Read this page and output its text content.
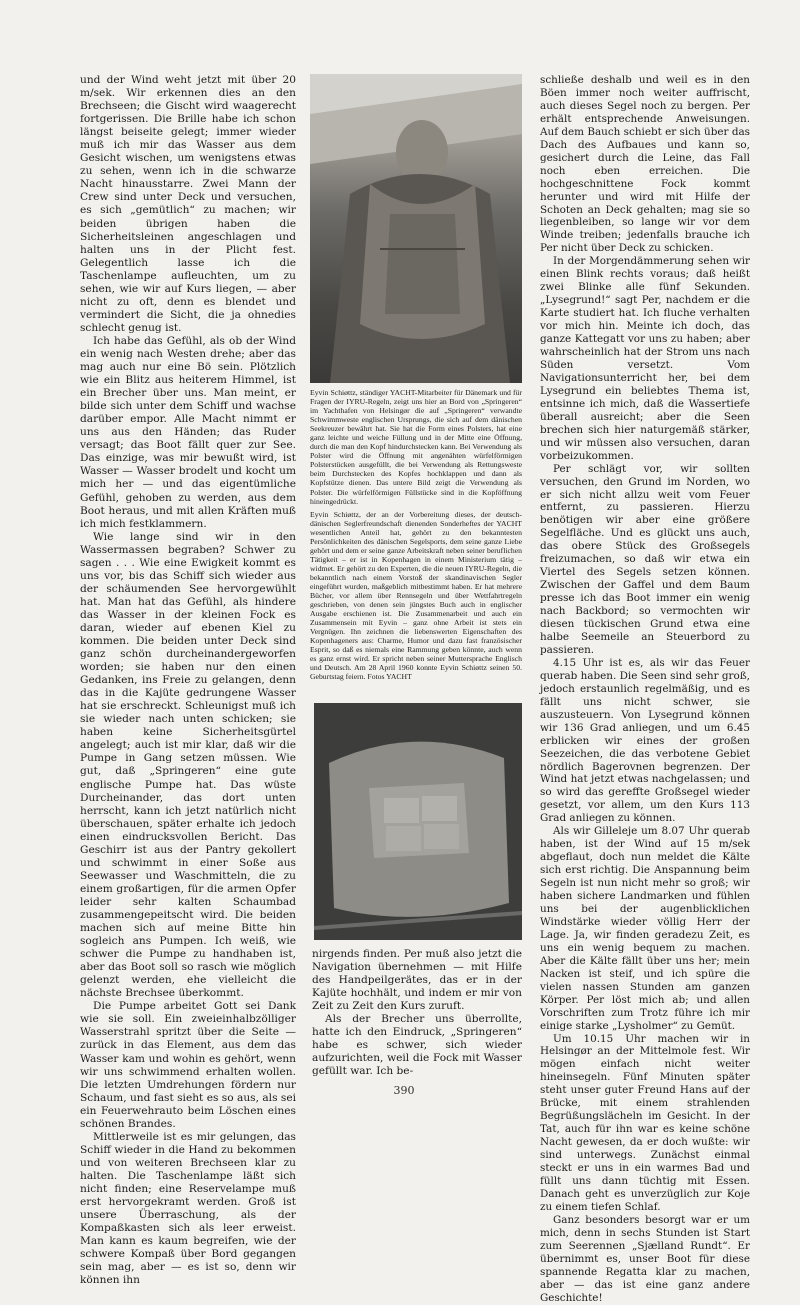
und der Wind weht jetzt mit über 20 m/sek. Wir erkennen dies an den Brechseen; die Gischt wird waagerecht fortgerissen. Die Brille habe ich schon längst beiseite gelegt; immer wieder muß ich mir das Wasser aus dem Gesicht wischen, um wenigstens etwas zu sehen, wenn ich in die schwarze Nacht hinausstarre. Zwei Mann der Crew sind unter Deck und versuchen, es sich „gemütlich“ zu machen; wir beiden übrigen haben die Sicherheitsleinen angeschlagen und halten uns in der Plicht fest. Gelegentlich lasse ich die Taschenlampe aufleuchten, um zu sehen, wie wir auf Kurs liegen, — aber nicht zu oft, denn es blendet und vermindert die Sicht, die ja ohnedies schlecht genug ist.

Ich habe das Gefühl, als ob der Wind ein wenig nach Westen drehe; aber das mag auch nur eine Bö sein. Plötzlich wie ein Blitz aus heiterem Himmel, ist ein Brecher über uns. Man meint, er bilde sich unter dem Schiff und wachse darüber empor. Alle Macht nimmt er uns aus den Händen; das Ruder versagt; das Boot fällt quer zur See. Das einzige, was mir bewußt wird, ist Wasser — Wasser brodelt und kocht um mich her — und das eigentümliche Gefühl, gehoben zu werden, aus dem Boot heraus, und mit allen Kräften muß ich mich festklammern.

Wie lange sind wir in den Wassermassen begraben? Schwer zu sagen . . . Wie eine Ewigkeit kommt es uns vor, bis das Schiff sich wieder aus der schäumenden See hervorgewühlt hat. Man hat das Gefühl, als hindere das Wasser in der kleinen Fock es daran, wieder auf ebenen Kiel zu kommen. Die beiden unter Deck sind ganz schön durcheinandergeworfen worden; sie haben nur den einen Gedanken, ins Freie zu gelangen, denn das in die Kajüte gedrungene Wasser hat sie erschreckt. Schleunigst muß ich sie wieder nach unten schicken; sie haben keine Sicherheitsgürtel angelegt; auch ist mir klar, daß wir die Pumpe in Gang setzen müssen. Wie gut, daß „Springeren“ eine gute englische Pumpe hat. Das wüste Durcheinander, das dort unten herrscht, kann ich jetzt natürlich nicht überschauen, später erhalte ich jedoch einen eindrucksvollen Bericht. Das Geschirr ist aus der Pantry gekollert und schwimmt in einer Soße aus Seewasser und Waschmitteln, die zu einem großartigen, für die armen Opfer leider sehr kalten Schaumbad zusammengepeitscht wird. Die beiden machen sich auf meine Bitte hin sogleich ans Pumpen. Ich weiß, wie schwer die Pumpe zu handhaben ist, aber das Boot soll so rasch wie möglich gelenzt werden, ehe vielleicht die nächste Brechsee überkommt.

Die Pumpe arbeitet Gott sei Dank wie sie soll. Ein zweieinhalbzölliger Wasserstrahl spritzt über die Seite — zurück in das Element, aus dem das Wasser kam und wohin es gehört, wenn wir uns schwimmend erhalten wollen. Die letzten Umdrehungen fördern nur Schaum, und fast sieht es so aus, als sei ein Feuerwehrauto beim Löschen eines schönen Brandes.

Mittlerweile ist es mir gelungen, das Schiff wieder in die Hand zu bekommen und von weiteren Brechseen klar zu halten. Die Taschenlampe läßt sich nicht finden; eine Reservelampe muß erst hervorgekramt werden. Groß ist unsere Überraschung, als der Kompaßkasten sich als leer erweist. Man kann es kaum begreifen, wie der schwere Kompaß über Bord gegangen sein mag, aber — es ist so, denn wir können ihn

Eyvin Schiøttz, ständiger YACHT-Mitarbeiter für Dänemark und für Fragen der IYRU-Regeln, zeigt uns hier an Bord von „Springeren“ im Yachthafen von Helsingør die auf „Springeren“ verwandte Schwimmweste englischen Ursprungs, die sich auf dem dänischen Seekreuzer bewährt hat. Sie hat die Form eines Polsters, hat eine ganz leichte und weiche Füllung und in der Mitte eine Öffnung, durch die man den Kopf hindurchstecken kann. Bei Verwendung als Polster wird die Öffnung mit angenähten würfelförmigen Polsterstücken ausgefüllt, die bei Verwendung als Rettungsweste beim Durchstecken des Kopfes hochklappen und dann als Kopfstütze dienen. Das untere Bild zeigt die Verwendung als Polster. Die würfelförmigen Füllstücke sind in die Kopföffnung hineingedrückt.

Eyvin Schiøttz, der an der Vorbereitung dieses, der deutsch-dänischen Seglerfreundschaft dienenden Sonderheftes der YACHT wesentlichen Anteil hat, gehört zu den bekanntesten Persönlichkeiten des dänischen Segelsports, dem seine ganze Liebe gehört und dem er seine ganze Arbeitskraft neben seiner beruflichen Tätigkeit – er ist in Kopenhagen in einem Ministerium tätig – widmet. Er gehört zu den Experten, die die neuen IYRU-Regeln, die bekanntlich nach einem Vorstoß der skandinavischen Segler eingeführt wurden, maßgeblich mitbestimmt haben. Er hat mehrere Bücher, vor allem über Rennsegeln und über Wettfahrtregeln geschrieben, von denen sein jüngstes Buch auch in englischer Ausgabe erschienen ist. Die Zusammenarbeit und auch ein Zusammensein mit Eyvin – ganz ohne Arbeit ist stets ein Vergnügen. Ihn zeichnen die liebenswerten Eigenschaften des Kopenhageners aus: Charme, Humor und dazu fast französischer Esprit, so daß es niemals eine Rammung geben könnte, auch wenn es ganz ernst wird. Er spricht neben seiner Muttersprache Englisch und Deutsch. Am 28 April 1960 konnte Eyvin Schiøttz seinen 50. Geburtstag feiern. Fotos YACHT

nirgends finden. Per muß also jetzt die Navigation übernehmen — mit Hilfe des Handpeilgerätes, das er in der Kajüte hochhält, und indem er mir von Zeit zu Zeit den Kurs zuruft.

Als der Brecher uns überrollte, hatte ich den Eindruck, „Springeren“ habe es schwer, sich wieder aufzurichten, weil die Fock mit Wasser gefüllt war. Ich be-

schließe deshalb und weil es in den Böen immer noch weiter auffrischt, auch dieses Segel noch zu bergen. Per erhält entsprechende Anweisungen. Auf dem Bauch schiebt er sich über das Dach des Aufbaues und kann so, gesichert durch die Leine, das Fall noch eben erreichen. Die hochgeschnittene Fock kommt herunter und wird mit Hilfe der Schoten an Deck gehalten; mag sie so liegenbleiben, so lange wir vor dem Winde treiben; jedenfalls brauche ich Per nicht über Deck zu schicken.

In der Morgendämmerung sehen wir einen Blink rechts voraus; daß heißt zwei Blinke alle fünf Sekunden. „Lysegrund!“ sagt Per, nachdem er die Karte studiert hat. Ich fluche verhalten vor mich hin. Meinte ich doch, das ganze Kattegatt vor uns zu haben; aber wahrscheinlich hat der Strom uns nach Süden versetzt. Vom Navigationsunterricht her, bei dem Lysegrund ein beliebtes Thema ist, entsinne ich mich, daß die Wassertiefe überall ausreicht; aber die Seen brechen sich hier naturgemäß stärker, und wir müssen also versuchen, daran vorbeizukommen.

Per schlägt vor, wir sollten versuchen, den Grund im Norden, wo er sich nicht allzu weit vom Feuer entfernt, zu passieren. Hierzu benötigen wir aber eine größere Segelfläche. Und es glückt uns auch, das obere Stück des Großsegels freizumachen, so daß wir etwa ein Viertel des Segels setzen können. Zwischen der Gaffel und dem Baum presse ich das Boot immer ein wenig nach Backbord; so vermochten wir diesen tückischen Grund etwa eine halbe Seemeile an Steuerbord zu passieren.

4.15 Uhr ist es, als wir das Feuer querab haben. Die Seen sind sehr groß, jedoch erstaunlich regelmäßig, und es fällt uns nicht schwer, sie auszusteuern. Von Lysegrund können wir 136 Grad anliegen, und um 6.45 erblicken wir eines der großen Seezeichen, die das verbotene Gebiet nördlich Bagerovnen begrenzen. Der Wind hat jetzt etwas nachgelassen; und so wird das gereffte Großsegel wieder gesetzt, vor allem, um den Kurs 113 Grad anliegen zu können.

Als wir Gilleleje um 8.07 Uhr querab haben, ist der Wind auf 15 m/sek abgeflaut, doch nun meldet die Kälte sich erst richtig. Die Anspannung beim Segeln ist nun nicht mehr so groß; wir haben sichere Landmarken und fühlen uns bei der augenblicklichen Windstärke wieder völlig Herr der Lage. Ja, wir finden geradezu Zeit, es uns ein wenig bequem zu machen. Aber die Kälte fällt über uns her; mein Nacken ist steif, und ich spüre die vielen nassen Stunden am ganzen Körper. Per löst mich ab; und allen Vorschriften zum Trotz führe ich mir einige starke „Lysholmer“ zu Gemüt.

Um 10.15 Uhr machen wir in Helsingør an der Mittelmole fest. Wir mögen einfach nicht weiter hineinsegeln. Fünf Minuten später steht unser guter Freund Hans auf der Brücke, mit einem strahlenden Begrüßungslächeln im Gesicht. In der Tat, auch für ihn war es keine schöne Nacht gewesen, da er doch wußte: wir sind unterwegs. Zunächst einmal steckt er uns in ein warmes Bad und füllt uns dann tüchtig mit Essen. Danach geht es unverzüglich zur Koje zu einem tiefen Schlaf.

Ganz besonders besorgt war er um mich, denn in sechs Stunden ist Start zum Seerennen „Sjælland Rundt“. Er übernimmt es, unser Boot für diese spannende Regatta klar zu machen, aber — das ist eine ganz andere Geschichte!

390
